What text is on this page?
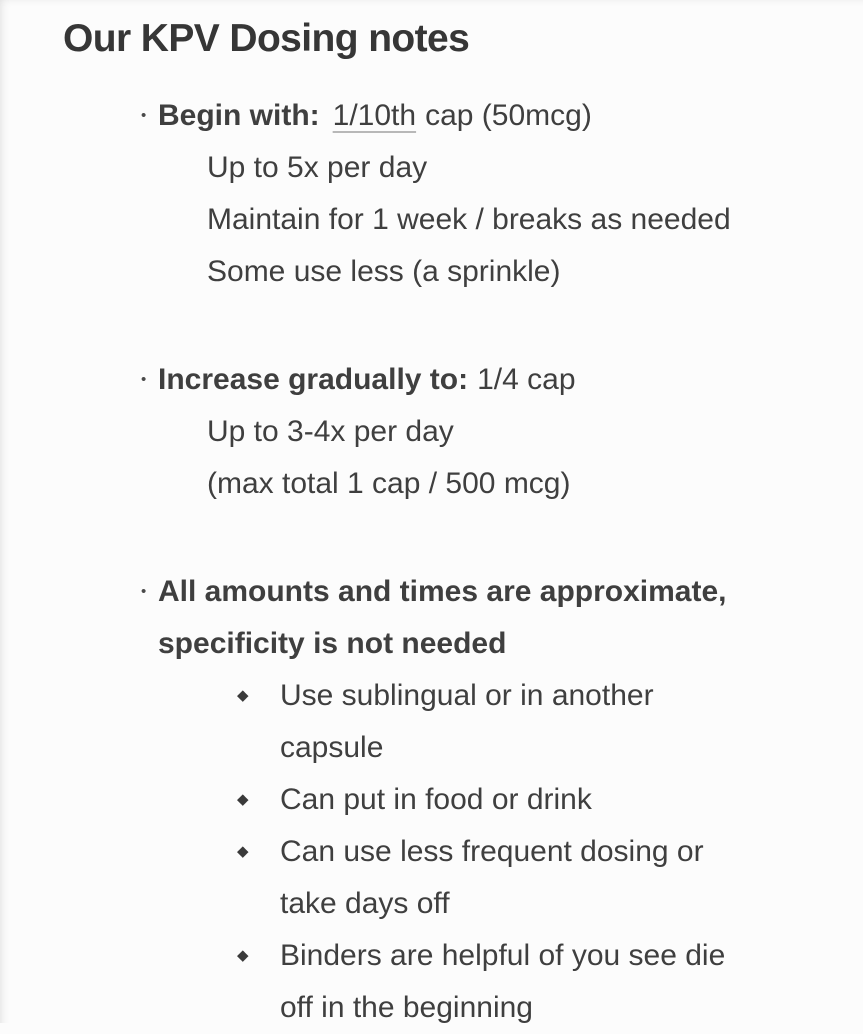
Our KPV Dosing notes
• Begin with: 1/10th cap (50mcg)
Up to 5x per day
Maintain for 1 week / breaks as needed
Some use less (a sprinkle)
• Increase gradually to: 1/4 cap
Up to 3-4x per day
(max total 1 cap / 500 mcg)
• All amounts and times are approximate,
specificity is not needed
◆	Use sublingual or in another
capsule
◆	Can put in food or drink
◆	Can use less frequent dosing or
take days off
◆	Binders are helpful of you see die
off in the beginning
